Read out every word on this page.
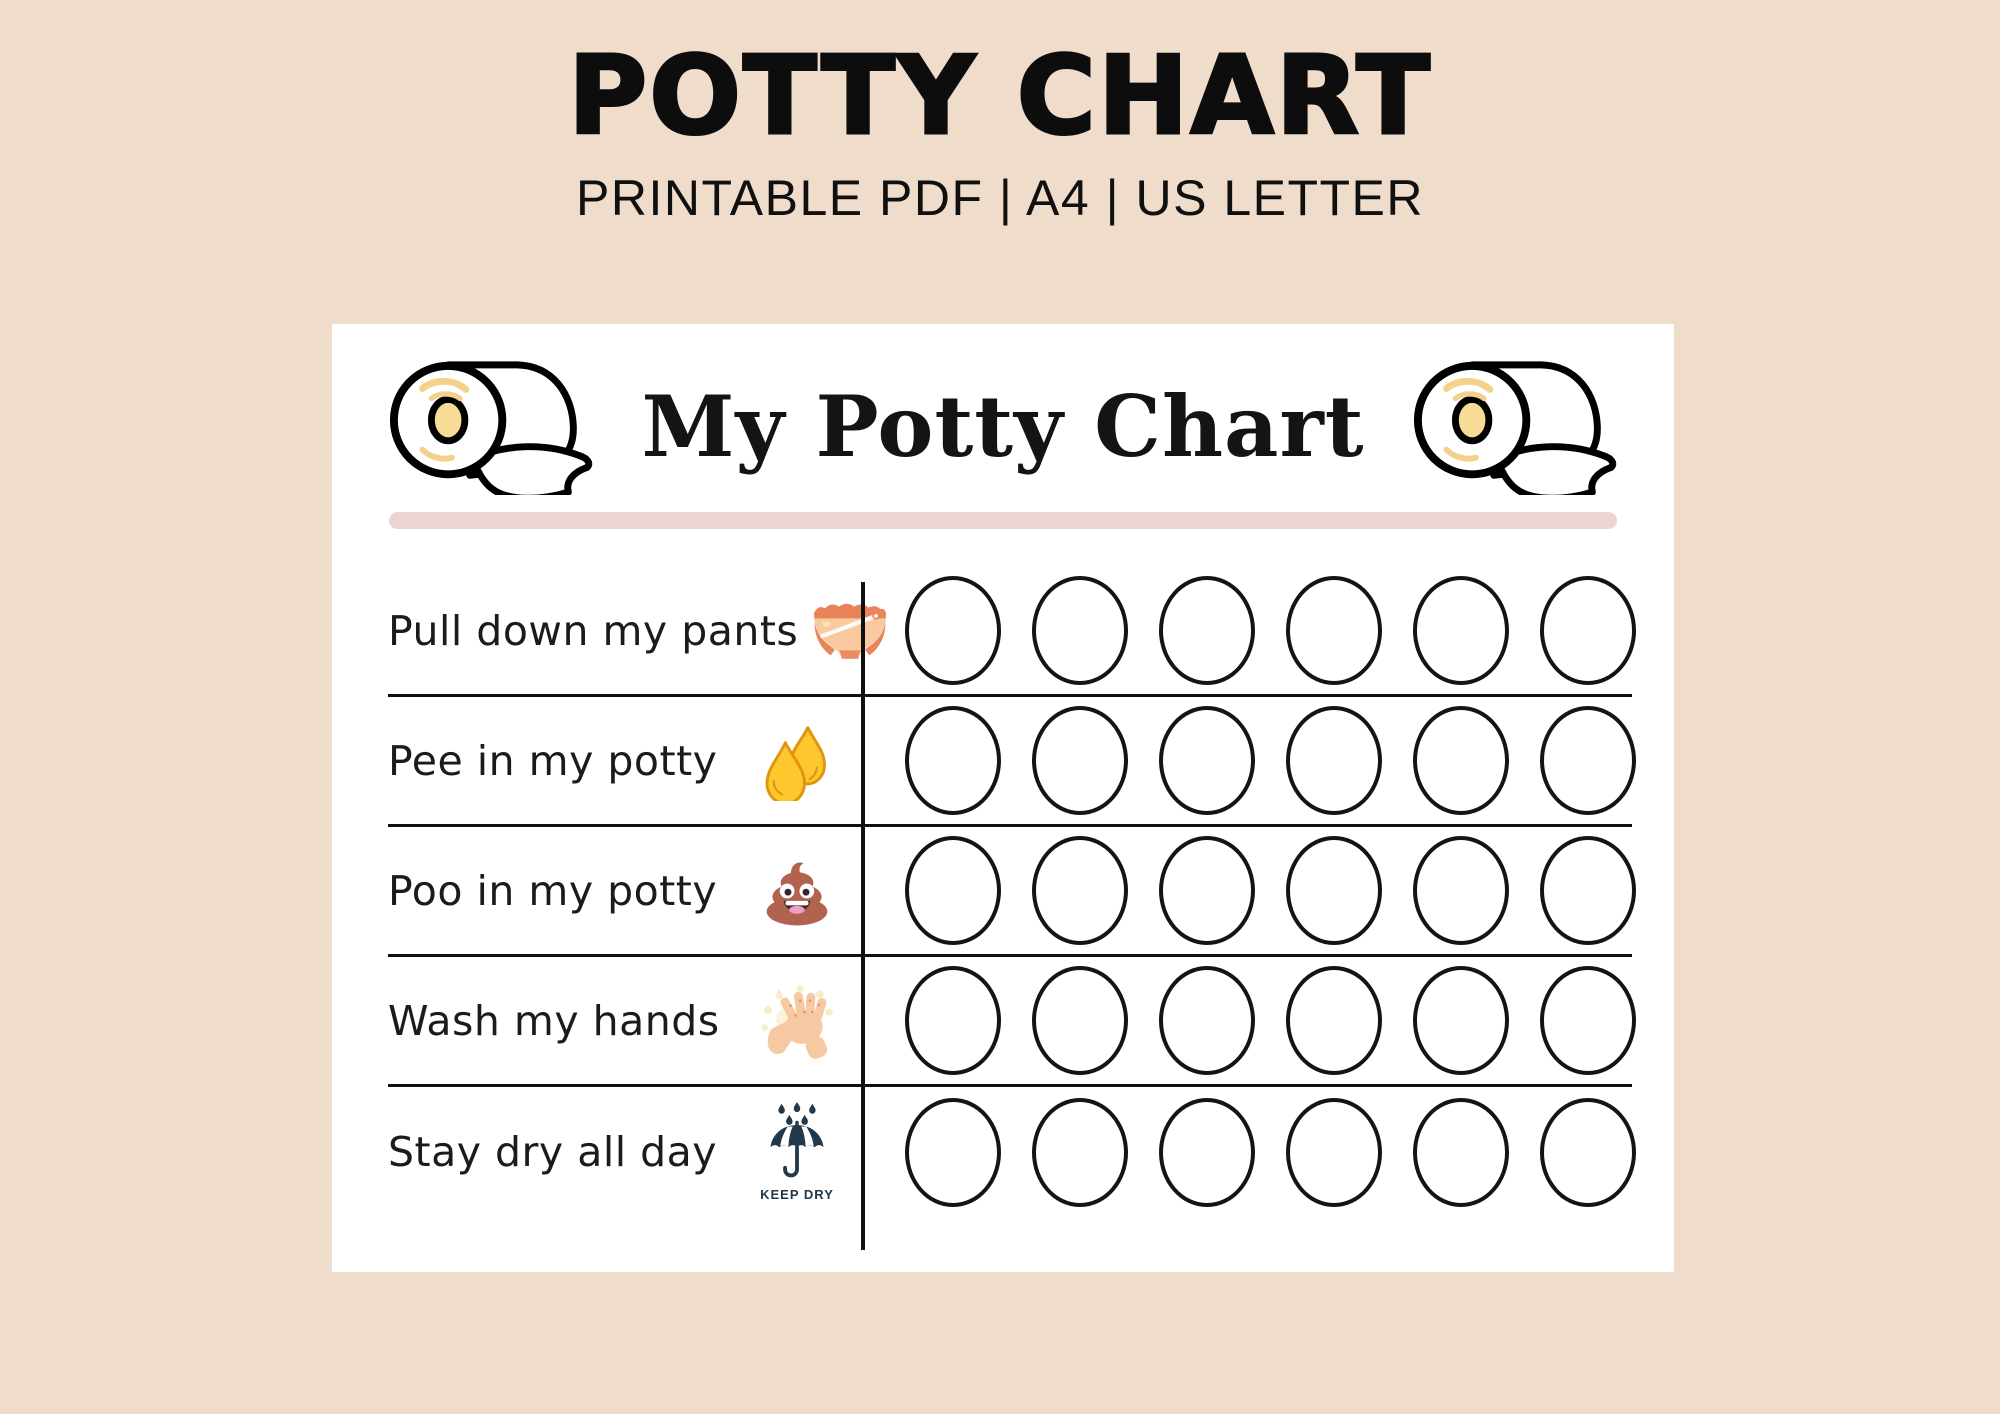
POTTY CHART
PRINTABLE PDF | A4 | US LETTER
My Potty Chart
Pull down my pants
Pee in my potty
Poo in my potty
Wash my hands
Stay dry all day
KEEP DRY
